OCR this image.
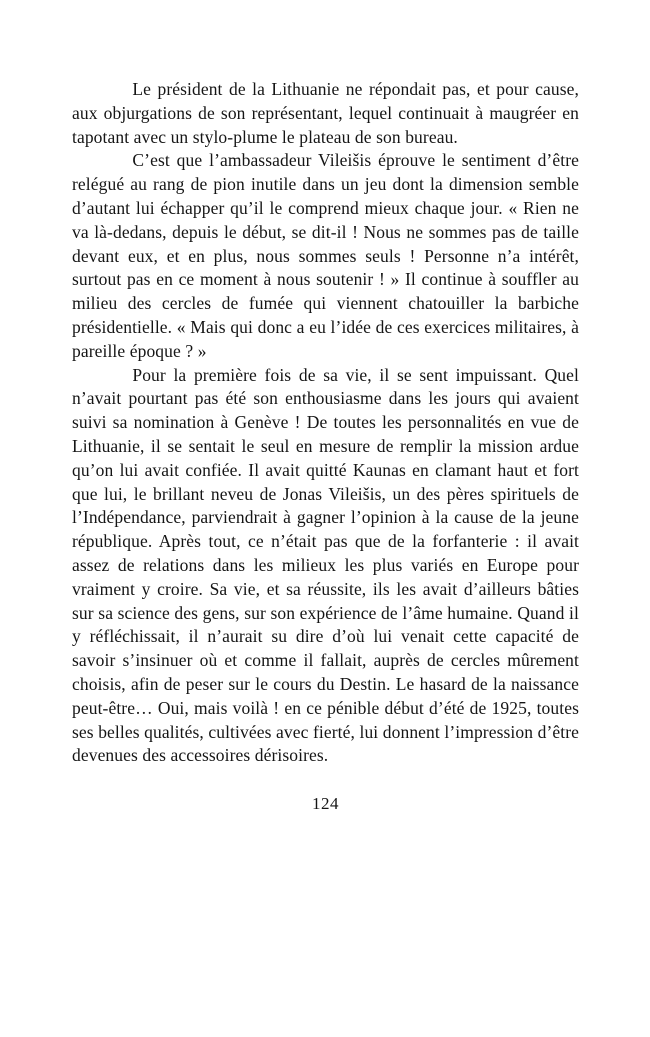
Le président de la Lithuanie ne répondait pas, et pour cause, aux objurgations de son représentant, lequel continuait à maugréer en tapotant avec un stylo-plume le plateau de son bureau.

C’est que l’ambassadeur Vileišis éprouve le sentiment d’être relégué au rang de pion inutile dans un jeu dont la dimension semble d’autant lui échapper qu’il le comprend mieux chaque jour. « Rien ne va là-dedans, depuis le début, se dit-il ! Nous ne sommes pas de taille devant eux, et en plus, nous sommes seuls ! Personne n’a intérêt, surtout pas en ce moment à nous soutenir ! » Il continue à souffler au milieu des cercles de fumée qui viennent chatouiller la barbiche présidentielle. « Mais qui donc a eu l’idée de ces exercices militaires, à pareille époque ? »

Pour la première fois de sa vie, il se sent impuissant. Quel n’avait pourtant pas été son enthousiasme dans les jours qui avaient suivi sa nomination à Genève ! De toutes les personnalités en vue de Lithuanie, il se sentait le seul en mesure de remplir la mission ardue qu’on lui avait confiée. Il avait quitté Kaunas en clamant haut et fort que lui, le brillant neveu de Jonas Vileišis, un des pères spirituels de l’Indépendance, parviendrait à gagner l’opinion à la cause de la jeune république. Après tout, ce n’était pas que de la forfanterie : il avait assez de relations dans les milieux les plus variés en Europe pour vraiment y croire. Sa vie, et sa réussite, ils les avait d’ailleurs bâties sur sa science des gens, sur son expérience de l’âme humaine. Quand il y réfléchissait, il n’aurait su dire d’où lui venait cette capacité de savoir s’insinuer où et comme il fallait, auprès de cercles mûrement choisis, afin de peser sur le cours du Destin. Le hasard de la naissance peut-être… Oui, mais voilà ! en ce pénible début d’été de 1925, toutes ses belles qualités, cultivées avec fierté, lui donnent l’impression d’être devenues des accessoires dérisoires.

124
